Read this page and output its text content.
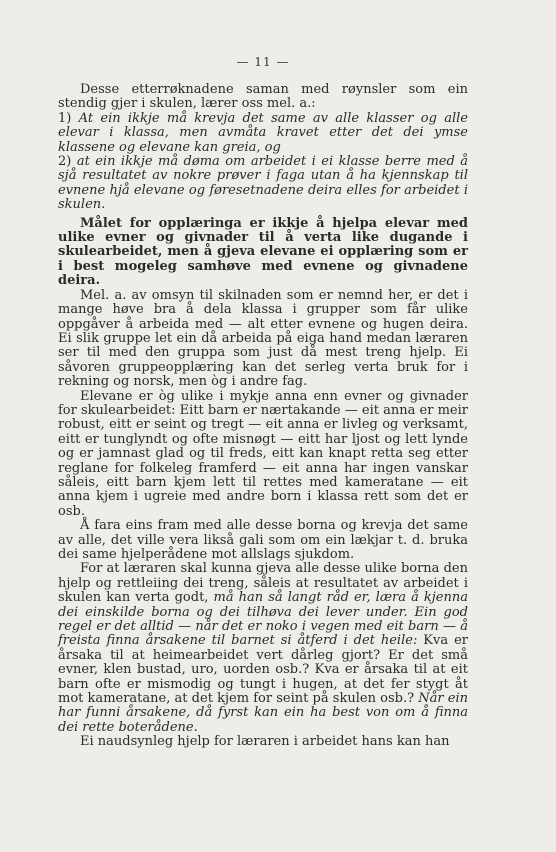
— 11 —

Desse etterrøknadene saman med røynsler som ein stendig gjer i skulen, lærer oss mel. a.:

1) At ein ikkje må krevja det same av alle klasser og alle elevar i klassa, men avmåta kravet etter det dei ymse klassene og elevane kan greia, og

2) at ein ikkje må døma om arbeidet i ei klasse berre med å sjå resultatet av nokre prøver i faga utan å ha kjennskap til evnene hjå elevane og føresetnadene deira elles for arbeidet i skulen.

Målet for opplæringa er ikkje å hjelpa elevar med ulike evner og givnader til å verta like dugande i skulearbeidet, men å gjeva elevane ei opplæring som er i best mogeleg samhøve med evnene og givnadene deira.

Mel. a. av omsyn til skilnaden som er nemnd her, er det i mange høve bra å dela klassa i grupper som får ulike oppgåver å arbeida med — alt etter evnene og hugen deira. Ei slik gruppe let ein då arbeida på eiga hand medan læraren ser til med den gruppa som just då mest treng hjelp. Ei såvoren gruppeopplæring kan det serleg verta bruk for i rekning og norsk, men òg i andre fag.

Elevane er òg ulike i mykje anna enn evner og givnader for skulearbeidet: Eitt barn er nærtakande — eit anna er meir robust, eitt er seint og tregt — eit anna er livleg og verksamt, eitt er tunglyndt og ofte misnøgt — eitt har ljost og lett lynde og er jamnast glad og til freds, eitt kan knapt retta seg etter reglane for folkeleg framferd — eit anna har ingen vanskar såleis, eitt barn kjem lett til rettes med kameratane — eit anna kjem i ugreie med andre born i klassa rett som det er osb.

Å fara eins fram med alle desse borna og krevja det same av alle, det ville vera likså gali som om ein lækjar t. d. bruka dei same hjelperådene mot allslags sjukdom.

For at læraren skal kunna gjeva alle desse ulike borna den hjelp og rettleiing dei treng, såleis at resultatet av arbeidet i skulen kan verta godt, må han så langt råd er, læra å kjenna dei einskilde borna og dei tilhøva dei lever under. Ein god regel er det alltid — når det er noko i vegen med eit barn — å freista finna årsakene til barnet si åtferd i det heile: Kva er årsaka til at heimearbeidet vert dårleg gjort? Er det små evner, klen bustad, uro, uorden osb.? Kva er årsaka til at eit barn ofte er mismodig og tungt i hugen, at det fer stygt åt mot kameratane, at det kjem for seint på skulen osb.? Når ein har funni årsakene, då fyrst kan ein ha best von om å finna dei rette boterådene.

Ei naudsynleg hjelp for læraren i arbeidet hans kan han
